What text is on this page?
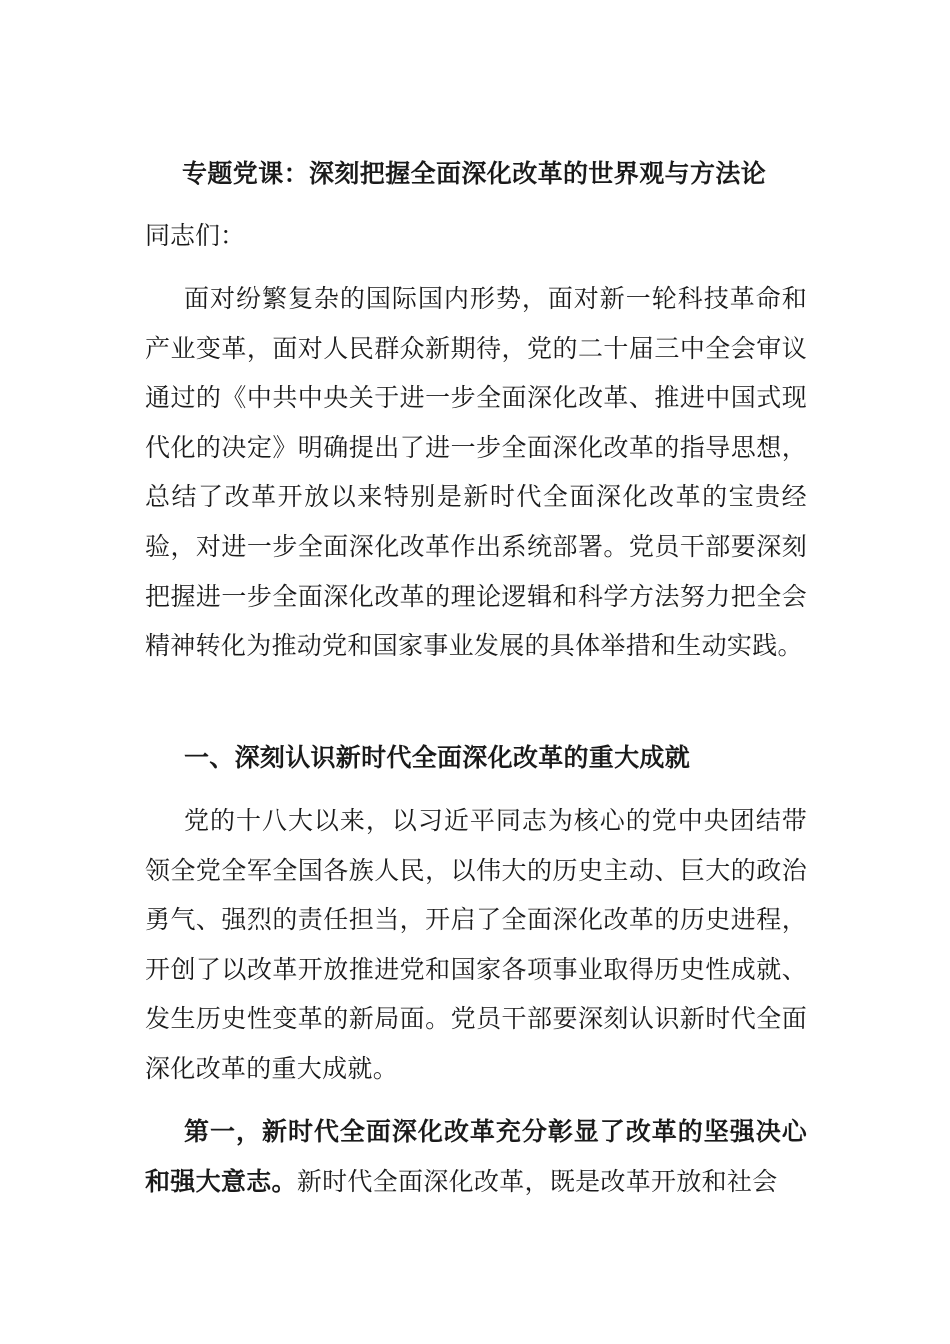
专题党课：深刻把握全面深化改革的世界观与方法论
同志们：

面对纷繁复杂的国际国内形势，面对新一轮科技革命和产业变革，面对人民群众新期待，党的二十届三中全会审议通过的《中共中央关于进一步全面深化改革、推进中国式现代化的决定》明确提出了进一步全面深化改革的指导思想，总结了改革开放以来特别是新时代全面深化改革的宝贵经验，对进一步全面深化改革作出系统部署。党员干部要深刻把握进一步全面深化改革的理论逻辑和科学方法努力把全会精神转化为推动党和国家事业发展的具体举措和生动实践。

一、深刻认识新时代全面深化改革的重大成就

党的十八大以来，以习近平同志为核心的党中央团结带领全党全军全国各族人民，以伟大的历史主动、巨大的政治勇气、强烈的责任担当，开启了全面深化改革的历史进程，开创了以改革开放推进党和国家各项事业取得历史性成就、发生历史性变革的新局面。党员干部要深刻认识新时代全面深化改革的重大成就。

第一，新时代全面深化改革充分彰显了改革的坚强决心和强大意志。新时代全面深化改革，既是改革开放和社会
